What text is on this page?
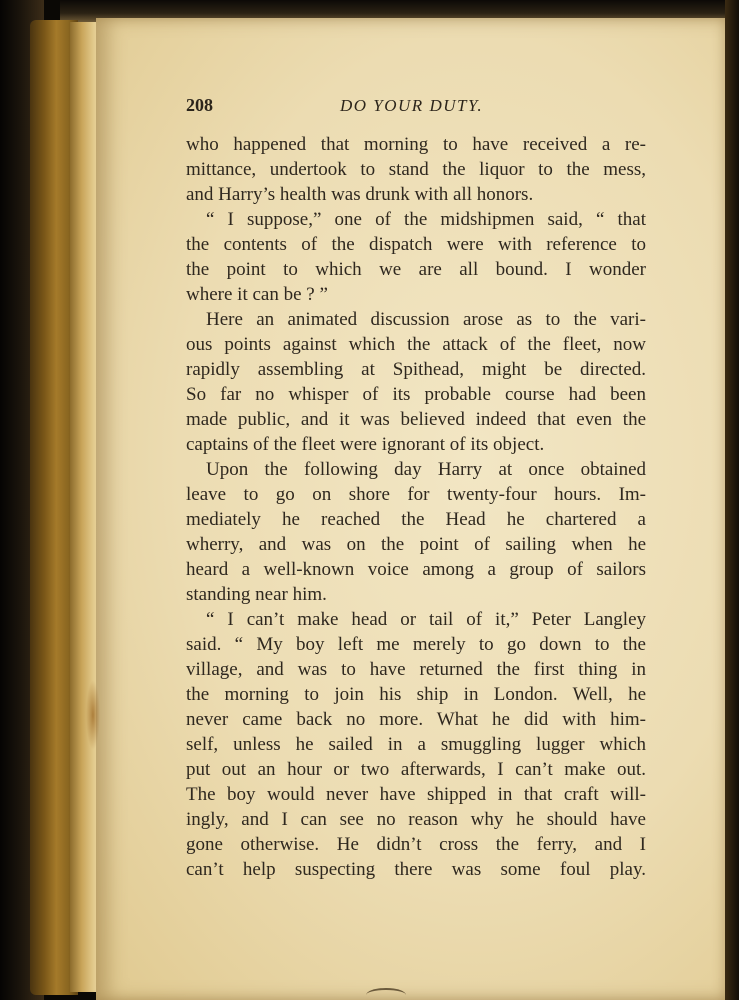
208	DO YOUR DUTY.
who happened that morning to have received a re-
mittance, undertook to stand the liquor to the mess,
and Harry’s health was drunk with all honors.
“ I suppose,” one of the midshipmen said, “ that
the contents of the dispatch were with reference to
the point to which we are all bound. I wonder
where it can be ? ”
Here an animated discussion arose as to the vari-
ous points against which the attack of the fleet, now
rapidly assembling at Spithead, might be directed.
So far no whisper of its probable course had been
made public, and it was believed indeed that even the
captains of the fleet were ignorant of its object.
Upon the following day Harry at once obtained
leave to go on shore for twenty-four hours. Im-
mediately he reached the Head he chartered a
wherry, and was on the point of sailing when he
heard a well-known voice among a group of sailors
standing near him.
“ I can’t make head or tail of it,” Peter Langley
said. “ My boy left me merely to go down to the
village, and was to have returned the first thing in
the morning to join his ship in London. Well, he
never came back no more. What he did with him-
self, unless he sailed in a smuggling lugger which
put out an hour or two afterwards, I can’t make out.
The boy would never have shipped in that craft will-
ingly, and I can see no reason why he should have
gone otherwise. He didn’t cross the ferry, and I
can’t help suspecting there was some foul play.
